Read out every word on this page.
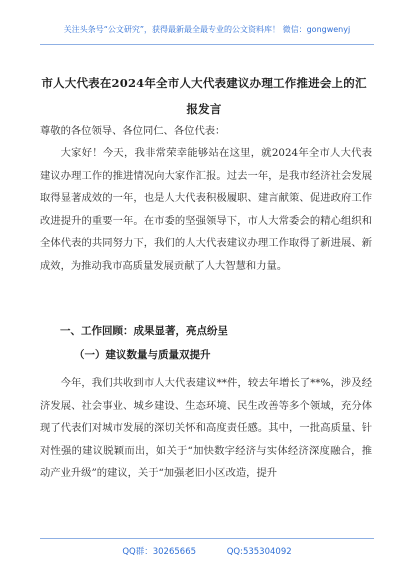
关注头条号“公文研究”，获得最新最全最专业的公文资料库！ 微信：gongwenyj
市人大代表在2024年全市人大代表建议办理工作推进会上的汇报发言
尊敬的各位领导、各位同仁、各位代表：
大家好！今天，我非常荣幸能够站在这里，就2024年全市人大代表建议办理工作的推进情况向大家作汇报。过去一年，是我市经济社会发展取得显著成效的一年，也是人大代表积极履职、建言献策、促进政府工作改进提升的重要一年。在市委的坚强领导下，市人大常委会的精心组织和全体代表的共同努力下，我们的人大代表建议办理工作取得了新进展、新成效，为推动我市高质量发展贡献了人大智慧和力量。
一、工作回顾：成果显著，亮点纷呈
（一）建议数量与质量双提升
今年，我们共收到市人大代表建议**件，较去年增长了**%，涉及经济发展、社会事业、城乡建设、生态环境、民生改善等多个领域，充分体现了代表们对城市发展的深切关怀和高度责任感。其中，一批高质量、针对性强的建议脱颖而出，如关于“加快数字经济与实体经济深度融合，推动产业升级”的建议，关于“加强老旧小区改造，提升
QQ群：30265665	QQ:535304092
